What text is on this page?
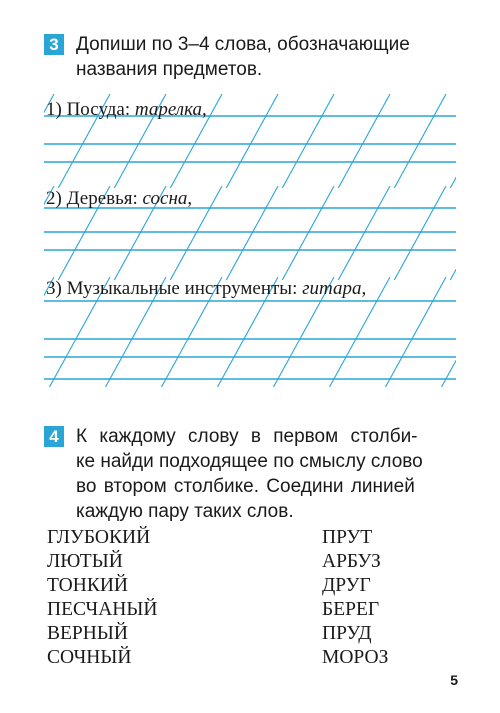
3 Допиши по 3–4 слова, обозначающие
названия предметов.
1) Посуда: тарелка,
2) Деревья: сосна,
3) Музыкальные инструменты: гитара,
4 К каждому слову в первом столби-
ке найди подходящее по смыслу слово
во втором столбике. Соедини линией
каждую пару таких слов.
ГЛУБОКИЙ
ЛЮТЫЙ
ТОНКИЙ
ПЕСЧАНЫЙ
ВЕРНЫЙ
СОЧНЫЙ
ПРУТ
АРБУЗ
ДРУГ
БЕРЕГ
ПРУД
МОРОЗ
5
